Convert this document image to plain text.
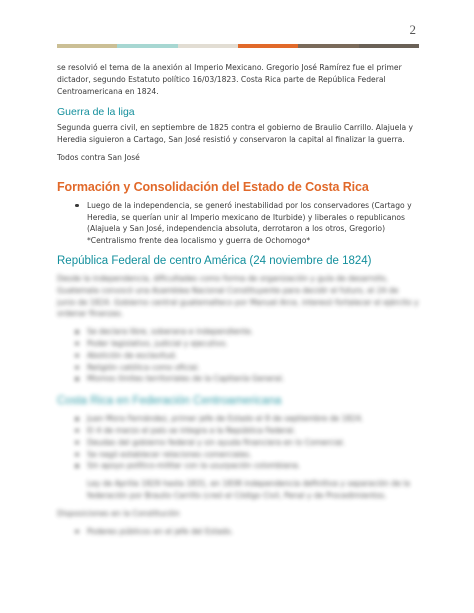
2

se resolvió el tema de la anexión al Imperio Mexicano. Gregorio José Ramírez fue el primer dictador, segundo Estatuto político 16/03/1823. Costa Rica parte de República Federal Centroamericana en 1824.

Guerra de la liga

Segunda guerra civil, en septiembre de 1825 contra el gobierno de Braulio Carrillo. Alajuela y Heredia siguieron a Cartago, San José resistió y conservaron la capital al finalizar la guerra.

Todos contra San José

Formación y Consolidación del Estado de Costa Rica
Luego de la independencia, se generó inestabilidad por los conservadores (Cartago y Heredia, se querían unir al Imperio mexicano de Iturbide) y liberales o republicanos (Alajuela y San José, independencia absoluta, derrotaron a los otros, Gregorio) *Centralismo frente dea localismo y guerra de Ochomogo*
República Federal de centro América (24 noviembre de 1824)

Desde la independencia, dificultades como forma de organización y guía de desarrollo, Guatemala convocó una Asamblea Nacional Constituyente para decidir el futuro, el 24 de junio de 1824. Gobierno central guatemalteco por Manuel Arce, interesó fortalecer el ejército y ordenar finanzas.

Se declara libre, soberana e independiente.
Poder legislativo, judicial y ejecutivo.
Abolición de esclavitud.
Religión católica como oficial.
Mismos límites territoriales de la Capitanía General.
Costa Rica en Federación Centroamericana
Juan Mora Fernández, primer jefe de Estado el 8 de septiembre de 1824.
El 4 de marzo el país se integra a la República Federal.
Deudas del gobierno federal y sin ayuda financiera en lo Comercial.
Se negó establecer relaciones comerciales.
Sin apoyo político-militar con la usurpación colombiana.

Ley de Aprilia 1829 hasta 1831, en 1838 independencia definitiva y separación de la federación por Braulio Carrillo (creó el Código Civil, Penal y de Procedimientos.

Disposiciones en la Constitución

Poderes públicos en el jefe del Estado.
